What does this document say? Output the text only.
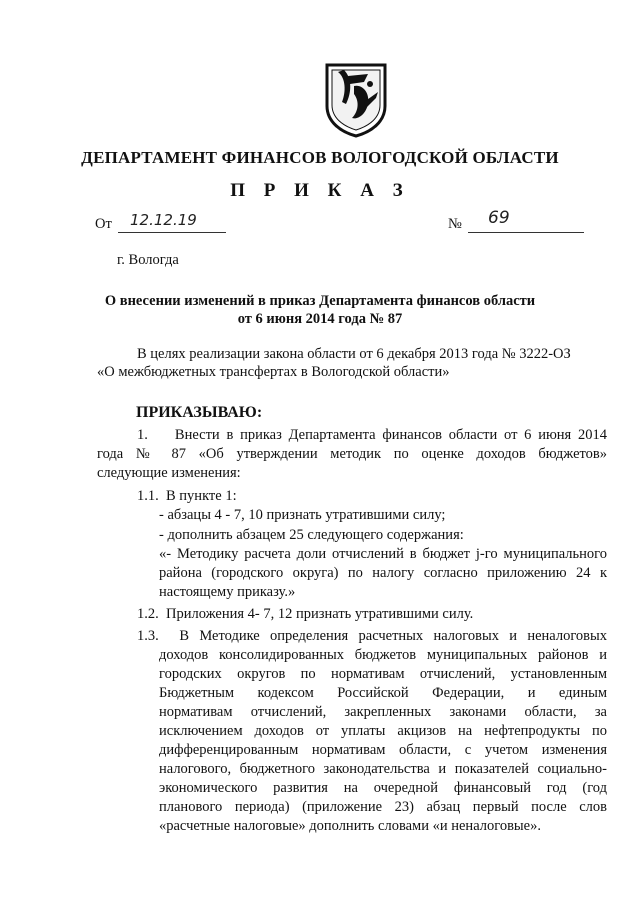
ДЕПАРТАМЕНТ ФИНАНСОВ ВОЛОГОДСКОЙ ОБЛАСТИ
П Р И К А З
От 12.12.19	№ 69
г. Вологда
О внесении изменений в приказ Департамента финансов области
от 6 июня 2014 года № 87
В целях реализации закона области от 6 декабря 2013 года № 3222-ОЗ
«О межбюджетных трансфертах в Вологодской области»
ПРИКАЗЫВАЮ:
1.    Внести в приказ Департамента финансов области от 6 июня 2014
года № 87 «Об утверждении методик по оценке доходов бюджетов»
следующие изменения:
1.1.  В пункте 1:
- абзацы 4 - 7, 10 признать утратившими силу;
- дополнить абзацем 25 следующего содержания:
«- Методику расчета доли отчислений в бюджет j-го муниципального
района (городского округа) по налогу согласно приложению 24 к
настоящему приказу.»
1.2.  Приложения 4- 7, 12 признать утратившими силу.
1.3.  В Методике определения расчетных налоговых и неналоговых
доходов консолидированных бюджетов муниципальных районов и
городских округов по нормативам отчислений, установленным
Бюджетным кодексом Российской Федерации, и единым
нормативам отчислений, закрепленных законами области, за
исключением доходов от уплаты акцизов на нефтепродукты по
дифференцированным нормативам области, с учетом изменения
налогового, бюджетного законодательства и показателей социально-
экономического развития на очередной финансовый год (год
планового периода) (приложение 23) абзац первый после слов
«расчетные налоговые» дополнить словами «и неналоговые».
